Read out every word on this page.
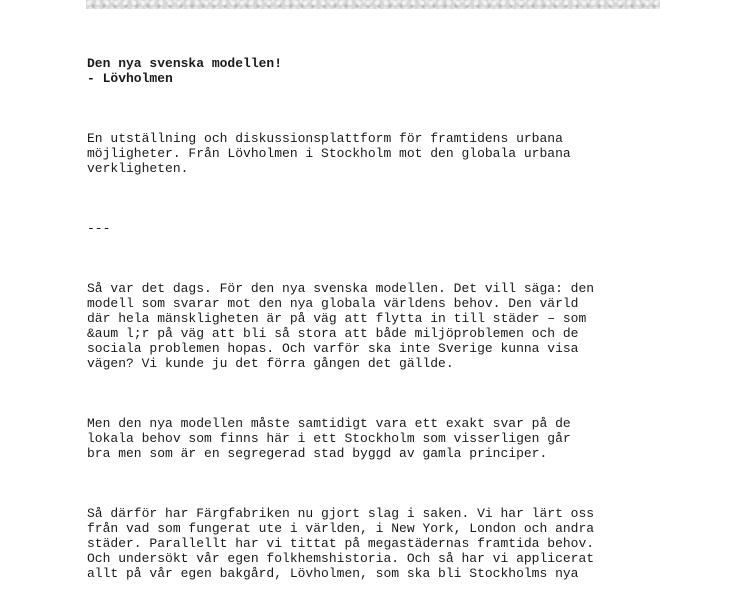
Den nya svenska modellen!
- Lövholmen

En utställning och diskussionsplattform för framtidens urbana
möjligheter. Från Lövholmen i Stockholm mot den globala urbana
verkligheten.

---

Så var det dags. För den nya svenska modellen. Det vill säga: den
modell som svarar mot den nya globala världens behov. Den värld
där hela mänskligheten är på väg att flytta in till städer – som
&aum l;r på väg att bli så stora att både miljöproblemen och de
sociala problemen hopas. Och varför ska inte Sverige kunna visa
vägen? Vi kunde ju det förra gången det gällde.

Men den nya modellen måste samtidigt vara ett exakt svar på de
lokala behov som finns här i ett Stockholm som visserligen går
bra men som är en segregerad stad byggd av gamla principer.

Så därför har Färgfabriken nu gjort slag i saken. Vi har lärt oss
från vad som fungerat ute i världen, i New York, London och andra
städer. Parallellt har vi tittat på megastädernas framtida behov.
Och undersökt vår egen folkhemshistoria. Och så har vi applicerat
allt på vår egen bakgård, Lövholmen, som ska bli Stockholms nya
